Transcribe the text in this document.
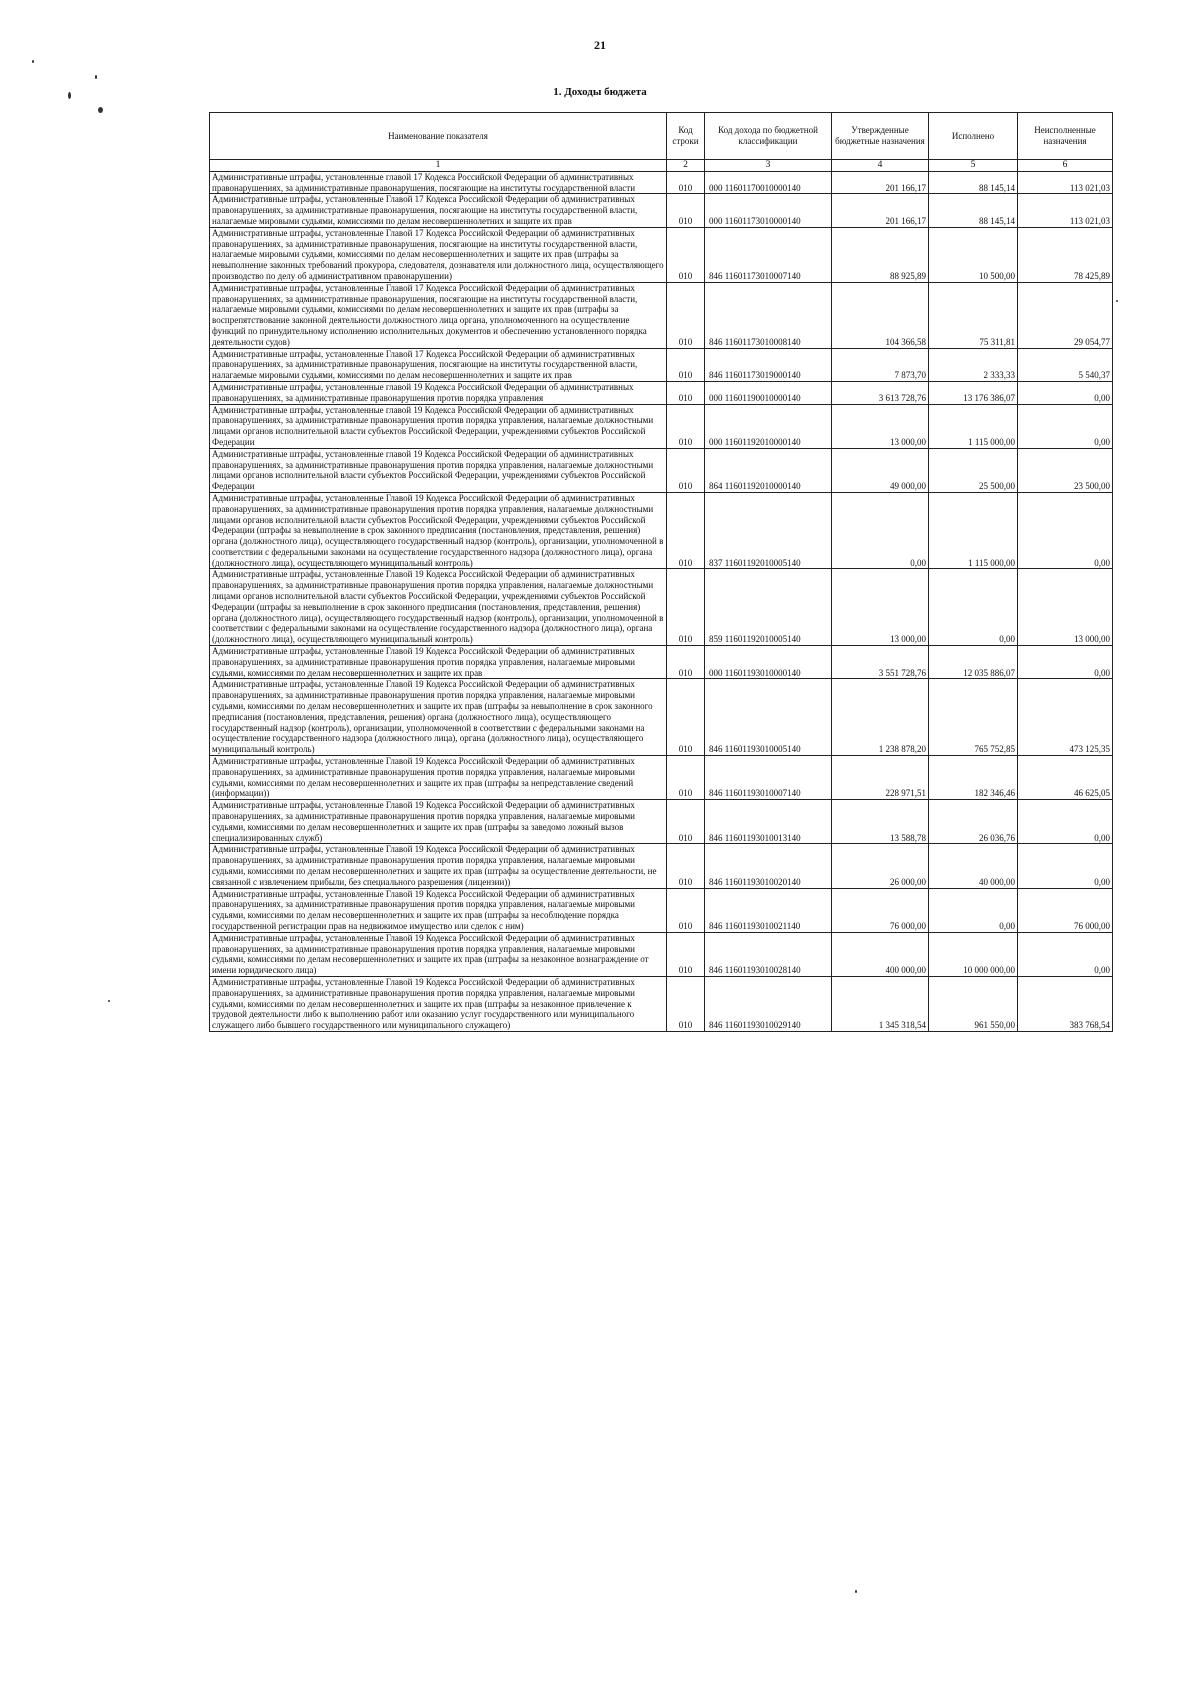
21
1. Доходы бюджета
Наименование показателя	Код строки	Код дохода по бюджетной классификации	Утвержденные бюджетные назначения	Исполнено	Неисполненные назначения
1	2	3	4	5	6
Административные штрафы, установленные главой 17 Кодекса Российской Федерации об административных правонарушениях, за административные правонарушения, посягающие на институты государственной власти	010	000 11601170010000140	201 166,17	88 145,14	113 021,03
Административные штрафы, установленные Главой 17 Кодекса Российской Федерации об административных правонарушениях, за административные правонарушения, посягающие на институты государственной власти, налагаемые мировыми судьями, комиссиями по делам несовершеннолетних и защите их прав	010	000 11601173010000140	201 166,17	88 145,14	113 021,03
Административные штрафы, установленные Главой 17 Кодекса Российской Федерации об административных правонарушениях, за административные правонарушения, посягающие на институты государственной власти, налагаемые мировыми судьями, комиссиями по делам несовершеннолетних и защите их прав (штрафы за невыполнение законных требований прокурора, следователя, дознавателя или должностного лица, осуществляющего производство по делу об административном правонарушении)	010	846 11601173010007140	88 925,89	10 500,00	78 425,89
Административные штрафы, установленные Главой 17 Кодекса Российской Федерации об административных правонарушениях, за административные правонарушения, посягающие на институты государственной власти, налагаемые мировыми судьями, комиссиями по делам несовершеннолетних и защите их прав (штрафы за воспрепятствование законной деятельности должностного лица органа, уполномоченного на осуществление функций по принудительному исполнению исполнительных документов и обеспечению установленного порядка деятельности судов)	010	846 11601173010008140	104 366,58	75 311,81	29 054,77
Административные штрафы, установленные Главой 17 Кодекса Российской Федерации об административных правонарушениях, за административные правонарушения, посягающие на институты государственной власти, налагаемые мировыми судьями, комиссиями по делам несовершеннолетних и защите их прав	010	846 11601173019000140	7 873,70	2 333,33	5 540,37
Административные штрафы, установленные главой 19 Кодекса Российской Федерации об административных правонарушениях, за административные правонарушения против порядка управления	010	000 11601190010000140	3 613 728,76	13 176 386,07	0,00
Административные штрафы, установленные главой 19 Кодекса Российской Федерации об административных правонарушениях, за административные правонарушения против порядка управления, налагаемые должностными лицами органов исполнительной власти субъектов Российской Федерации, учреждениями субъектов Российской Федерации	010	000 11601192010000140	13 000,00	1 115 000,00	0,00
Административные штрафы, установленные главой 19 Кодекса Российской Федерации об административных правонарушениях, за административные правонарушения против порядка управления, налагаемые должностными лицами органов исполнительной власти субъектов Российской Федерации, учреждениями субъектов Российской Федерации	010	864 11601192010000140	49 000,00	25 500,00	23 500,00
Административные штрафы, установленные Главой 19 Кодекса Российской Федерации об административных правонарушениях, за административные правонарушения против порядка управления, налагаемые должностными лицами органов исполнительной власти субъектов Российской Федерации, учреждениями субъектов Российской Федерации (штрафы за невыполнение в срок законного предписания (постановления, представления, решения) органа (должностного лица), осуществляющего государственный надзор (контроль), организации, уполномоченной в соответствии с федеральными законами на осуществление государственного надзора (должностного лица), органа (должностного лица), осуществляющего муниципальный контроль)	010	837 11601192010005140	0,00	1 115 000,00	0,00
Административные штрафы, установленные Главой 19 Кодекса Российской Федерации об административных правонарушениях, за административные правонарушения против порядка управления, налагаемые должностными лицами органов исполнительной власти субъектов Российской Федерации, учреждениями субъектов Российской Федерации (штрафы за невыполнение в срок законного предписания (постановления, представления, решения) органа (должностного лица), осуществляющего государственный надзор (контроль), организации, уполномоченной в соответствии с федеральными законами на осуществление государственного надзора (должностного лица), органа (должностного лица), осуществляющего муниципальный контроль)	010	859 11601192010005140	13 000,00	0,00	13 000,00
Административные штрафы, установленные Главой 19 Кодекса Российской Федерации об административных правонарушениях, за административные правонарушения против порядка управления, налагаемые мировыми судьями, комиссиями по делам несовершеннолетних и защите их прав	010	000 11601193010000140	3 551 728,76	12 035 886,07	0,00
Административные штрафы, установленные Главой 19 Кодекса Российской Федерации об административных правонарушениях, за административные правонарушения против порядка управления, налагаемые мировыми судьями, комиссиями по делам несовершеннолетних и защите их прав (штрафы за невыполнение в срок законного предписания (постановления, представления, решения) органа (должностного лица), осуществляющего государственный надзор (контроль), организации, уполномоченной в соответствии с федеральными законами на осуществление государственного надзора (должностного лица), органа (должностного лица), осуществляющего муниципальный контроль)	010	846 11601193010005140	1 238 878,20	765 752,85	473 125,35
Административные штрафы, установленные Главой 19 Кодекса Российской Федерации об административных правонарушениях, за административные правонарушения против порядка управления, налагаемые мировыми судьями, комиссиями по делам несовершеннолетних и защите их прав (штрафы за непредставление сведений (информации))	010	846 11601193010007140	228 971,51	182 346,46	46 625,05
Административные штрафы, установленные Главой 19 Кодекса Российской Федерации об административных правонарушениях, за административные правонарушения против порядка управления, налагаемые мировыми судьями, комиссиями по делам несовершеннолетних и защите их прав (штрафы за заведомо ложный вызов специализированных служб)	010	846 11601193010013140	13 588,78	26 036,76	0,00
Административные штрафы, установленные Главой 19 Кодекса Российской Федерации об административных правонарушениях, за административные правонарушения против порядка управления, налагаемые мировыми судьями, комиссиями по делам несовершеннолетних и защите их прав (штрафы за осуществление деятельности, не связанной с извлечением прибыли, без специального разрешения (лицензии))	010	846 11601193010020140	26 000,00	40 000,00	0,00
Административные штрафы, установленные Главой 19 Кодекса Российской Федерации об административных правонарушениях, за административные правонарушения против порядка управления, налагаемые мировыми судьями, комиссиями по делам несовершеннолетних и защите их прав (штрафы за несоблюдение порядка государственной регистрации прав на недвижимое имущество или сделок с ним)	010	846 11601193010021140	76 000,00	0,00	76 000,00
Административные штрафы, установленные Главой 19 Кодекса Российской Федерации об административных правонарушениях, за административные правонарушения против порядка управления, налагаемые мировыми судьями, комиссиями по делам несовершеннолетних и защите их прав (штрафы за незаконное вознаграждение от имени юридического лица)	010	846 11601193010028140	400 000,00	10 000 000,00	0,00
Административные штрафы, установленные Главой 19 Кодекса Российской Федерации об административных правонарушениях, за административные правонарушения против порядка управления, налагаемые мировыми судьями, комиссиями по делам несовершеннолетних и защите их прав (штрафы за незаконное привлечение к трудовой деятельности либо к выполнению работ или оказанию услуг государственного или муниципального служащего либо бывшего государственного или муниципального служащего)	010	846 11601193010029140	1 345 318,54	961 550,00	383 768,54
